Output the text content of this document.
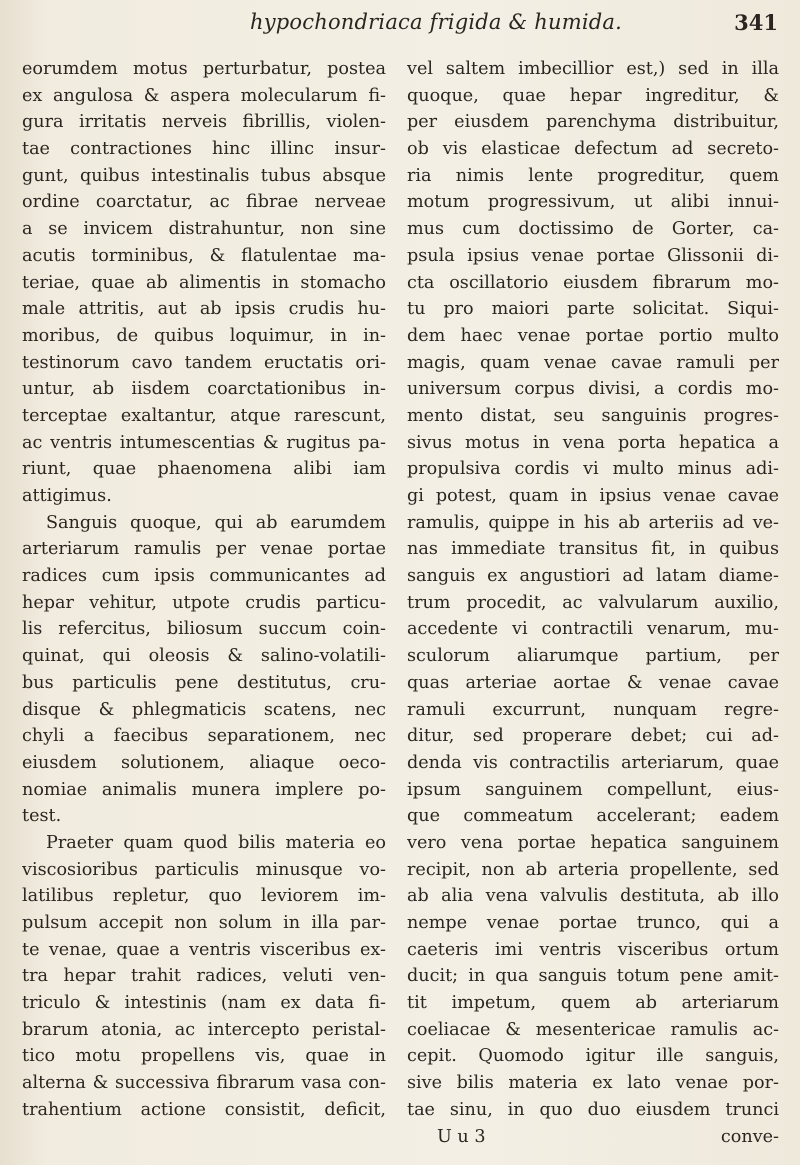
hypochondriaca frigida & humida.	341
eorumdem motus perturbatur, postea
ex angulosa & aspera molecularum fi-
gura irritatis nerveis fibrillis, violen-
tae contractiones hinc illinc insur-
gunt, quibus intestinalis tubus absque
ordine coarctatur, ac fibrae nerveae
a se invicem distrahuntur, non sine
acutis torminibus, & flatulentae ma-
teriae, quae ab alimentis in stomacho
male attritis, aut ab ipsis crudis hu-
moribus, de quibus loquimur, in in-
testinorum cavo tandem eructatis ori-
untur, ab iisdem coarctationibus in-
terceptae exaltantur, atque rarescunt,
ac ventris intumescentias & rugitus pa-
riunt, quae phaenomena alibi iam
attigimus.
Sanguis quoque, qui ab earumdem
arteriarum ramulis per venae portae
radices cum ipsis communicantes ad
hepar vehitur, utpote crudis particu-
lis refercitus, biliosum succum coin-
quinat, qui oleosis & salino-volatili-
bus particulis pene destitutus, cru-
disque & phlegmaticis scatens, nec
chyli a faecibus separationem, nec
eiusdem solutionem, aliaque oeco-
nomiae animalis munera implere po-
test.
Praeter quam quod bilis materia eo
viscosioribus particulis minusque vo-
latilibus repletur, quo leviorem im-
pulsum accepit non solum in illa par-
te venae, quae a ventris visceribus ex-
tra hepar trahit radices, veluti ven-
triculo & intestinis (nam ex data fi-
brarum atonia, ac intercepto peristal-
tico motu propellens vis, quae in
alterna & successiva fibrarum vasa con-
trahentium actione consistit, deficit,
vel saltem imbecillior est,) sed in illa
quoque, quae hepar ingreditur, &
per eiusdem parenchyma distribuitur,
ob vis elasticae defectum ad secreto-
ria nimis lente progreditur, quem
motum progressivum, ut alibi innui-
mus cum doctissimo de Gorter, ca-
psula ipsius venae portae Glissonii di-
cta oscillatorio eiusdem fibrarum mo-
tu pro maiori parte solicitat. Siqui-
dem haec venae portae portio multo
magis, quam venae cavae ramuli per
universum corpus divisi, a cordis mo-
mento distat, seu sanguinis progres-
sivus motus in vena porta hepatica a
propulsiva cordis vi multo minus adi-
gi potest, quam in ipsius venae cavae
ramulis, quippe in his ab arteriis ad ve-
nas immediate transitus fit, in quibus
sanguis ex angustiori ad latam diame-
trum procedit, ac valvularum auxilio,
accedente vi contractili venarum, mu-
sculorum aliarumque partium, per
quas arteriae aortae & venae cavae
ramuli excurrunt, nunquam regre-
ditur, sed properare debet; cui ad-
denda vis contractilis arteriarum, quae
ipsum sanguinem compellunt, eius-
que commeatum accelerant; eadem
vero vena portae hepatica sanguinem
recipit, non ab arteria propellente, sed
ab alia vena valvulis destituta, ab illo
nempe venae portae trunco, qui a
caeteris imi ventris visceribus ortum
ducit; in qua sanguis totum pene amit-
tit impetum, quem ab arteriarum
coeliacae & mesentericae ramulis ac-
cepit. Quomodo igitur ille sanguis,
sive bilis materia ex lato venae por-
tae sinu, in quo duo eiusdem trunci
U u 3	conve-
